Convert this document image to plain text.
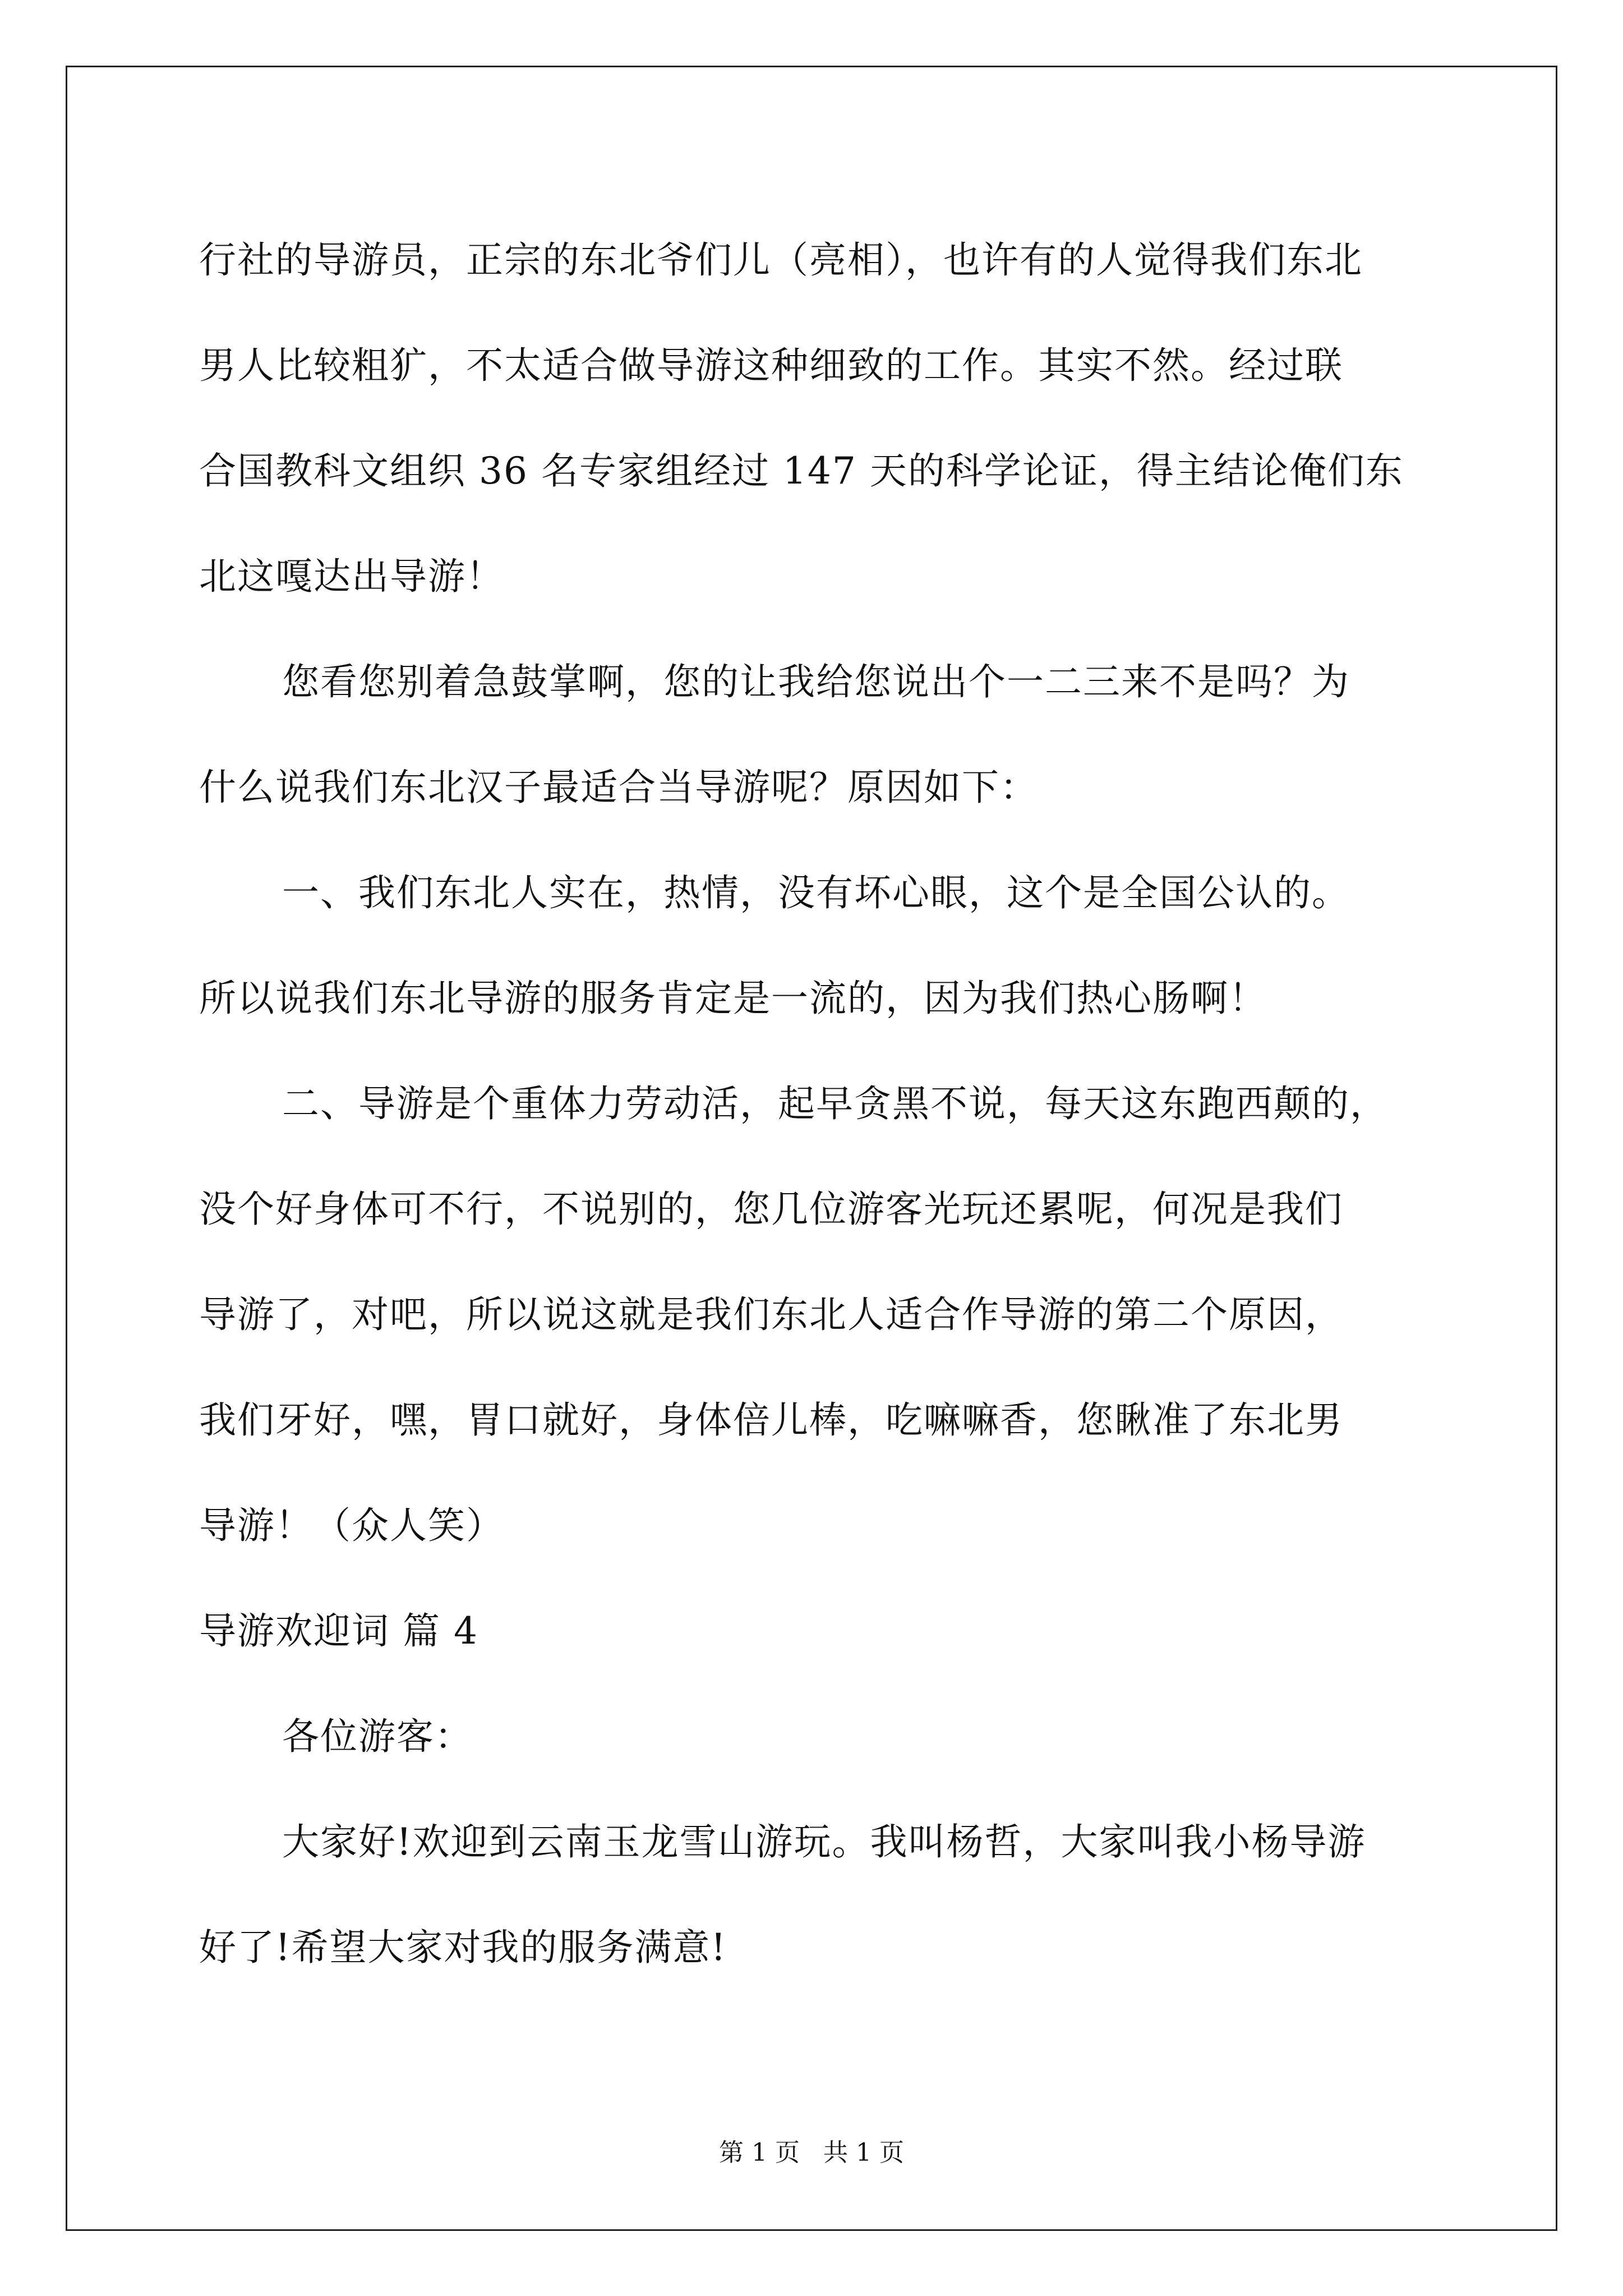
行社的导游员，正宗的东北爷们儿（亮相），也许有的人觉得我们东北
男人比较粗犷，不太适合做导游这种细致的工作。其实不然。经过联
合国教科文组织 36 名专家组经过 147 天的科学论证，得主结论俺们东
北这嘎达出导游！
您看您别着急鼓掌啊，您的让我给您说出个一二三来不是吗？为
什么说我们东北汉子最适合当导游呢？原因如下：
一、我们东北人实在，热情，没有坏心眼，这个是全国公认的。
所以说我们东北导游的服务肯定是一流的，因为我们热心肠啊！
二、导游是个重体力劳动活，起早贪黑不说，每天这东跑西颠的，
没个好身体可不行，不说别的，您几位游客光玩还累呢，何况是我们
导游了，对吧，所以说这就是我们东北人适合作导游的第二个原因，
我们牙好，嘿，胃口就好，身体倍儿棒，吃嘛嘛香，您瞅准了东北男
导游！（众人笑）
导游欢迎词 篇 4
各位游客：
大家好!欢迎到云南玉龙雪山游玩。我叫杨哲，大家叫我小杨导游
好了!希望大家对我的服务满意!
第 1 页   共 1 页
